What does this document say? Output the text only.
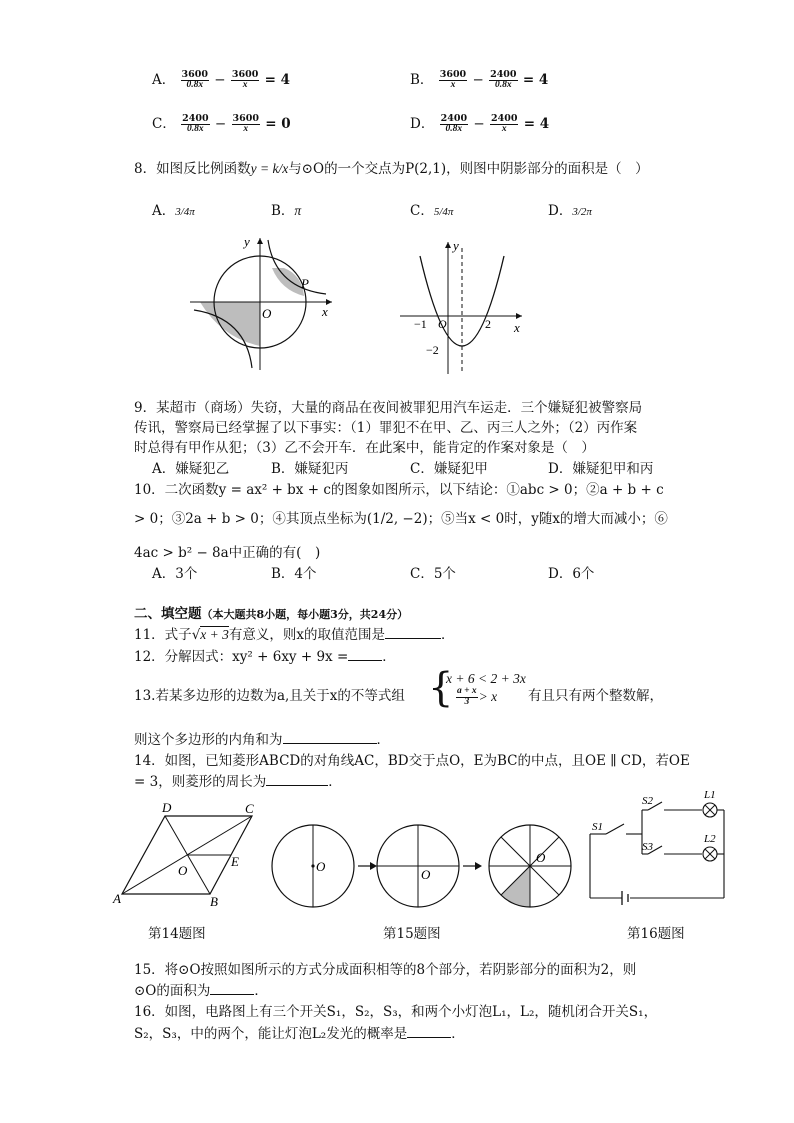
A． $\frac{3600}{0.8x} - \frac{3600}{x} = 4$	B． $\frac{3600}{x} - \frac{2400}{0.8x} = 4$
C． $\frac{2400}{0.8x} - \frac{3600}{x} = 0$	D． $\frac{2400}{0.8x} - \frac{2400}{x} = 4$
8．如图反比例函数y = k/x与⊙O的一个交点为P(2,1)，则图中阴影部分的面积是（　）
A．3/4π	B．π	C．5/4π	D．3/2π
y
x
O
P
y
x
O
−1	2
−2
9．某超市（商场）失窃，大量的商品在夜间被罪犯用汽车运走．三个嫌疑犯被警察局
传讯，警察局已经掌握了以下事实：（1）罪犯不在甲、乙、丙三人之外；（2）丙作案
时总得有甲作从犯；（3）乙不会开车．在此案中，能肯定的作案对象是（　）
A．嫌疑犯乙	B．嫌疑犯丙	C．嫌疑犯甲	D．嫌疑犯甲和丙
10．二次函数y = ax² + bx + c的图象如图所示，以下结论：①abc > 0；②a + b + c
> 0；③2a + b > 0；④其顶点坐标为(1/2, −2)；⑤当x < 0时，y随x的增大而减小；⑥
4ac > b² − 8a中正确的有(　)
A．3个	B．4个	C．5个	D．6个
二、填空题（本大题共8小题，每小题3分，共24分）
11．式子√x + 3有意义，则x的取值范围是	．
12．分解因式：xy² + 6xy + 9x =	．
13.若某多边形的边数为a,且关于x的不等式组 {
x + 6 < 2 + 3x
$\frac{a + x}{3} > x$ 有且只有两个整数解，
则这个多边形的内角和为	．
14．如图，已知菱形ABCD的对角线AC，BD交于点O，E为BC的中点，且OE ∥ CD，若OE
= 3，则菱形的周长为	．
D	C
A	B
O
E	O
O
O
S1
S2
S3
L1
L2
第14题图	第15题图	第16题图
15．将⊙O按照如图所示的方式分成面积相等的8个部分，若阴影部分的面积为2，则
⊙O的面积为	．
16．如图，电路图上有三个开关S₁，S₂，S₃，和两个小灯泡L₁，L₂，随机闭合开关S₁，
S₂，S₃，中的两个，能让灯泡L₂发光的概率是	．
